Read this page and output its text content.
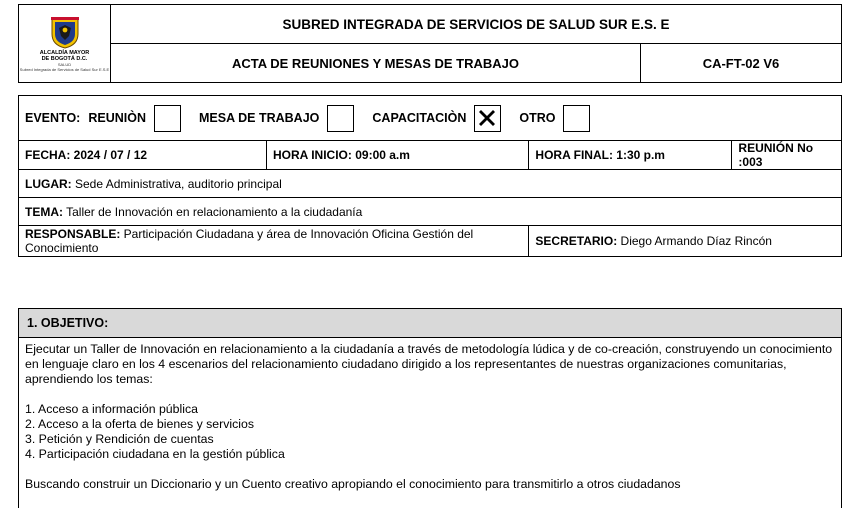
ALCALDÍA MAYOR
DE BOGOTÁ D.C.
SALUD
Subred Integrada de Servicios de Salud Sur E.S.E	SUBRED INTEGRADA DE SERVICIOS DE SALUD SUR E.S. E	
	ACTA DE REUNIONES Y MESAS DE TRABAJO	CA-FT-02 V6
EVENTO: REUNIÒN MESA DE TRABAJO CAPACITACIÒN OTRO			

FECHA: 2024 / 07 / 12	HORA INICIO: 09:00 a.m	HORA FINAL: 1:30 p.m	REUNIÓN No :003
LUGAR: Sede Administrativa, auditorio principal			
TEMA: Taller de Innovación en relacionamiento a la ciudadanía			
RESPONSABLE: Participación Ciudadana y área de Innovación Oficina Gestión del Conocimiento		SECRETARIO: Diego Armando Díaz Rincón	
1. OBJETIVO:

Ejecutar un Taller de Innovación en relacionamiento a la ciudadanía a través de metodología lúdica y de co-creación, construyendo un conocimiento en lenguaje claro en los 4 escenarios del relacionamiento ciudadano dirigido a los representantes de nuestras organizaciones comunitarias, aprendiendo los temas:

1. Acceso a información pública

2. Acceso a la oferta de bienes y servicios

3. Petición y Rendición de cuentas

4. Participación ciudadana en la gestión pública

Buscando construir un Diccionario y un Cuento creativo apropiando el conocimiento para transmitirlo a otros ciudadanos
